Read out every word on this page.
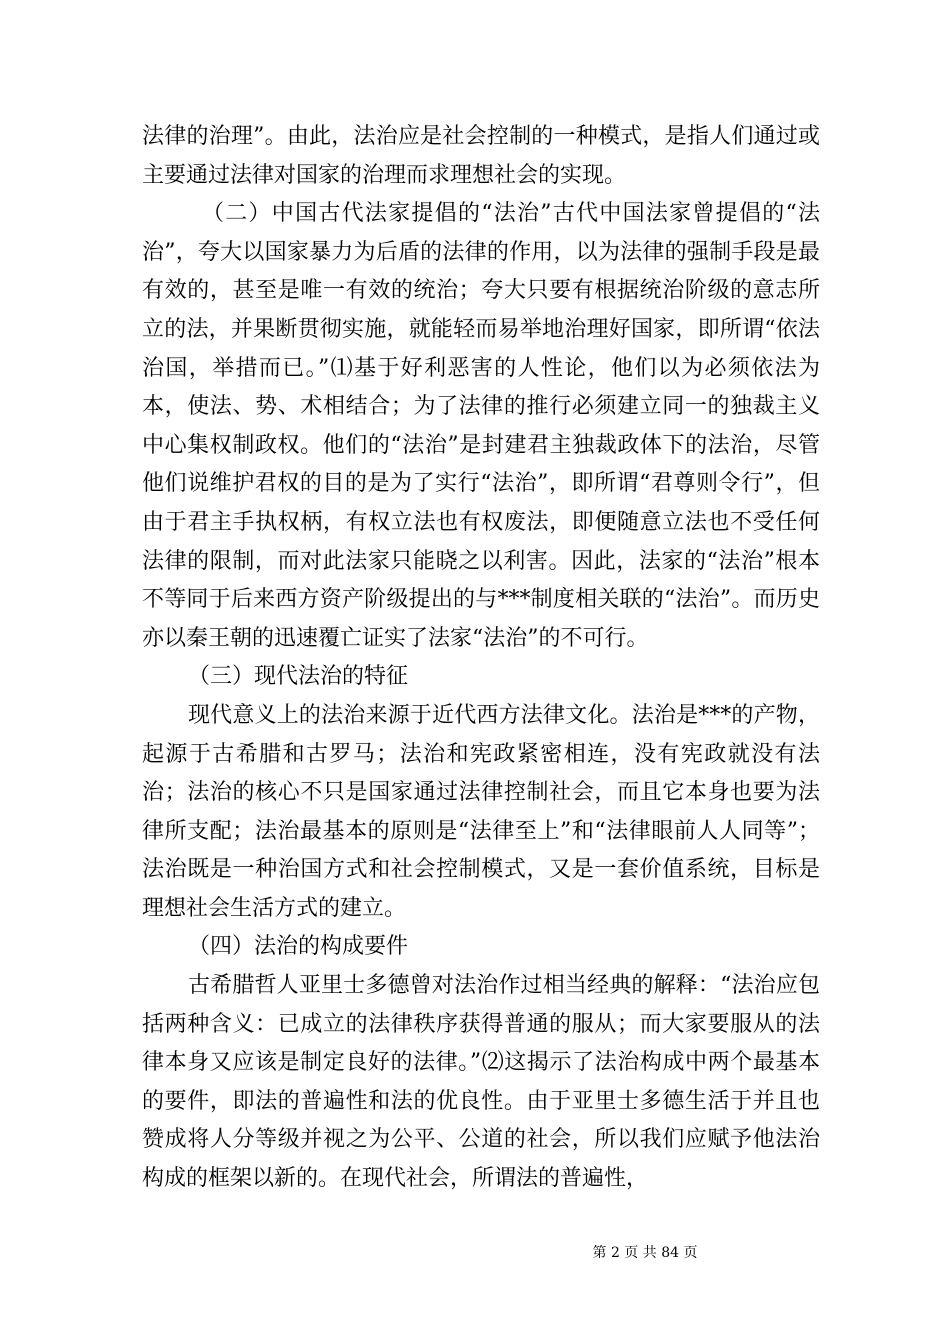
法律的治理”。由此，法治应是社会控制的一种模式，是指人们通过或主要通过法律对国家的治理而求理想社会的实现。

（二）中国古代法家提倡的“法治”古代中国法家曾提倡的“法治”，夸大以国家暴力为后盾的法律的作用，以为法律的强制手段是最有效的，甚至是唯一有效的统治；夸大只要有根据统治阶级的意志所立的法，并果断贯彻实施，就能轻而易举地治理好国家，即所谓“依法治国，举措而已。”⑴基于好利恶害的人性论，他们以为必须依法为本，使法、势、术相结合；为了法律的推行必须建立同一的独裁主义中心集权制政权。他们的“法治”是封建君主独裁政体下的法治，尽管他们说维护君权的目的是为了实行“法治”，即所谓“君尊则令行”，但由于君主手执权柄，有权立法也有权废法，即便随意立法也不受任何法律的限制，而对此法家只能晓之以利害。因此，法家的“法治”根本不等同于后来西方资产阶级提出的与***制度相关联的“法治”。而历史亦以秦王朝的迅速覆亡证实了法家“法治”的不可行。

（三）现代法治的特征

现代意义上的法治来源于近代西方法律文化。法治是***的产物，起源于古希腊和古罗马；法治和宪政紧密相连，没有宪政就没有法治；法治的核心不只是国家通过法律控制社会，而且它本身也要为法律所支配；法治最基本的原则是“法律至上”和“法律眼前人人同等”；法治既是一种治国方式和社会控制模式，又是一套价值系统，目标是理想社会生活方式的建立。

（四）法治的构成要件

古希腊哲人亚里士多德曾对法治作过相当经典的解释：“法治应包括两种含义：已成立的法律秩序获得普通的服从；而大家要服从的法律本身又应该是制定良好的法律。”⑵这揭示了法治构成中两个最基本的要件，即法的普遍性和法的优良性。由于亚里士多德生活于并且也赞成将人分等级并视之为公平、公道的社会，所以我们应赋予他法治构成的框架以新的。在现代社会，所谓法的普遍性，

第 2 页 共 84 页
